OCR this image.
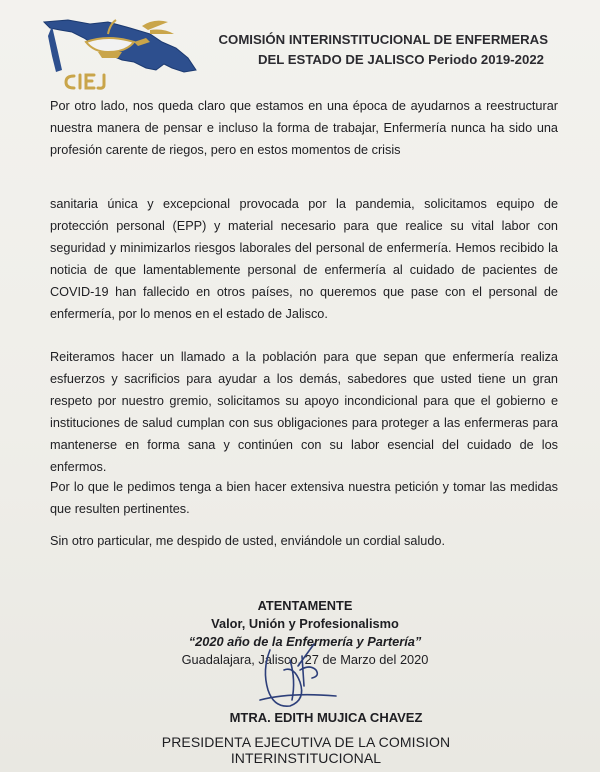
COMISIÓN INTERINSTITUCIONAL DE ENFERMERAS
DEL ESTADO DE JALISCO Periodo 2019-2022
Por otro lado, nos queda claro que estamos en una época de ayudarnos a reestructurar nuestra manera de pensar e incluso la forma de trabajar, Enfermería nunca ha sido una profesión carente de riegos, pero en estos momentos de crisis
sanitaria única y excepcional provocada por la pandemia, solicitamos equipo de protección personal (EPP) y material necesario para que realice su vital labor con seguridad y minimizarlos riesgos laborales del personal de enfermería. Hemos recibido la noticia de que lamentablemente personal de enfermería al cuidado de pacientes de COVID-19 han fallecido en otros países, no queremos que pase con el personal de enfermería, por lo menos en el estado de Jalisco.
Reiteramos hacer un llamado a la población para que sepan que enfermería realiza esfuerzos y sacrificios para ayudar a los demás, sabedores que usted tiene un gran respeto por nuestro gremio, solicitamos su apoyo incondicional para que el gobierno e instituciones de salud cumplan con sus obligaciones para proteger a las enfermeras para mantenerse en forma sana y continúen con su labor esencial del cuidado de los enfermos.
Por lo que le pedimos tenga a bien hacer extensiva nuestra petición y tomar las medidas que resulten pertinentes.
Sin otro particular, me despido de usted, enviándole un cordial saludo.
ATENTAMENTE
Valor, Unión y Profesionalismo
“2020 año de la Enfermería y Partería”
Guadalajara, Jalisco, 27 de Marzo del 2020
MTRA. EDITH MUJICA CHAVEZ
PRESIDENTA EJECUTIVA DE LA COMISION INTERINSTITUCIONAL
